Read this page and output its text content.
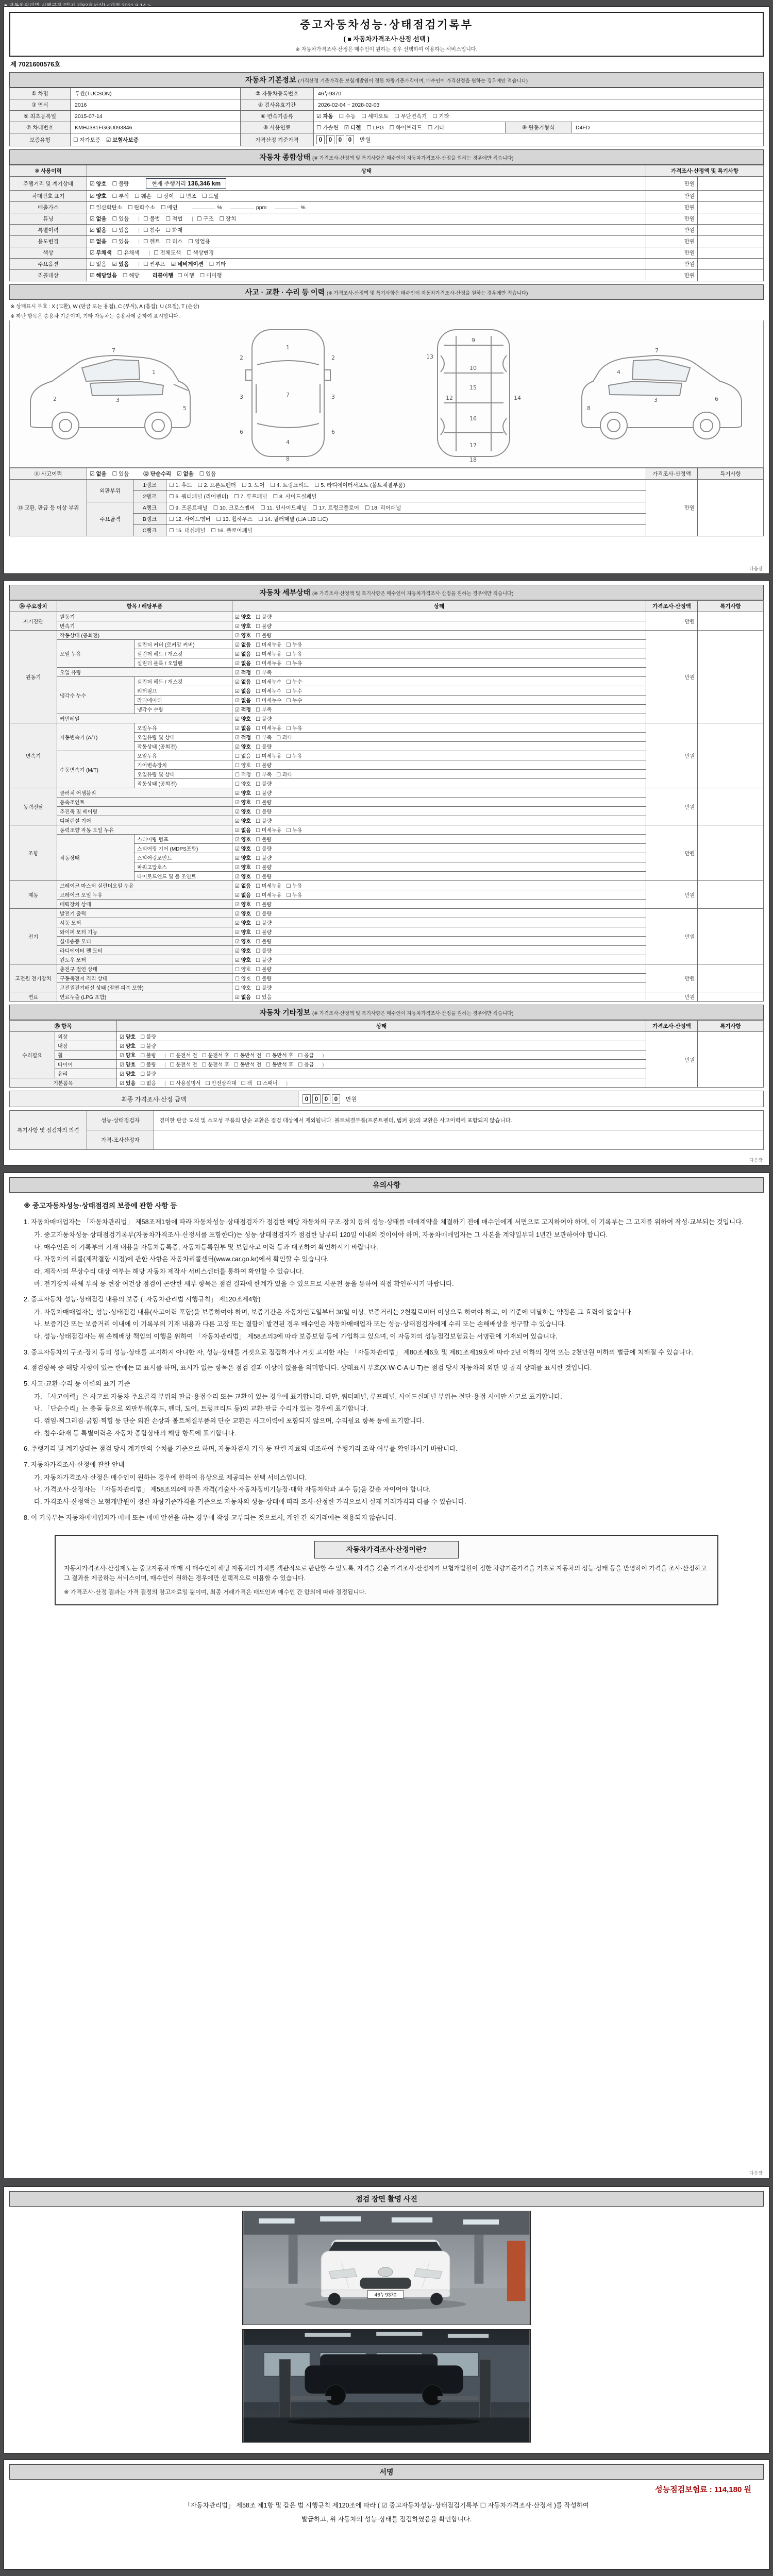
중고자동차성능·상태점검기록부
( ■ 자동차가격조사·산정 선택 )
※ 자동차가격조사·산정은 매수인이 원하는 경우 선택하여 이용하는 서비스입니다.
제 7021600576호
자동차 기본정보 (가격산정 기준가격은 보험개발원이 정한 차량기준가격이며, 매수인이 가격산정을 원하는 경우에만 적습니다)
① 차명	투싼(TUCSON)	② 자동차등록번호	46누9370		
③ 연식	2016	④ 검사유효기간	2026-02-04 ~ 2028-02-03		
⑤ 최초등록일	2015-07-14	⑥ 변속기종류	☑ 자동 ☐ 수동 ☐ 세미오토 ☐ 무단변속기 ☐ 기타		
⑦ 차대번호	KMHJ381FGGU093846	⑧ 사용연료	☐ 가솔린 ☑ 디젤 ☐ LPG ☐ 하이브리드 ☐ 기타	⑨ 원동기형식	D4FD
보증유형	☐ 자가보증 ☑ 보험사보증	가격산정 기준가격	0 0 0 0 만원		
자동차 종합상태 (※ 가격조사·산정액 및 특기사항은 매수인이 자동차가격조사·산정을 원하는 경우에만 적습니다)
⑩ 사용이력	상태	가격조사·산정액 및 특기사항	
주행거리 및 계기상태	☑ 양호 ☐ 불량 현재 주행거리 136,346 km	만원	

차대번호 표기	☑ 양호 ☐ 부식 ☐ 훼손 ☐ 상이 ☐ 변조 ☐ 도말	만원	

배출가스	☐ 일산화탄소 ☐ 탄화수소 ☐ 매연 % ppm %	만원	

튜닝	☑ 없음 ☐ 있음 | ☐ 불법 ☐ 적법 | ☐ 구조 ☐ 장치	만원	

특별이력	☑ 없음 ☐ 있음 | ☐ 침수 ☐ 화재	만원	

용도변경	☑ 없음 ☐ 있음 | ☐ 렌트 ☐ 리스 ☐ 영업용	만원	

색상	☑ 무채색 ☐ 유채색 | ☐ 전체도색 ☐ 색상변경	만원	

주요옵션	☐ 없음 ☑ 있음 | ☐ 썬루프 ☑ 네비게이션 ☐ 기타	만원	

리콜대상	☑ 해당없음 ☐ 해당 리콜이행 ☐ 이행 ☐ 미이행	만원	

사고 · 교환 · 수리 등 이력 (※ 가격조사·산정액 및 특기사항은 매수인이 자동차가격조사·산정을 원하는 경우에만 적습니다)
※ 상태표시 부호 : X (교환), W (판금 또는 용접), C (부식), A (흠집), U (요철), T (손상)
※ 하단 항목은 승용차 기준이며, 기타 자동차는 승용차에 준하여 표시합니다.
1
2	3
7
5
1
7
4
2	2
3	3
6	6
8
9
10
12
13
15
16
17
18
14
4
6
7
3
8
⑪ 사고이력	☑ 없음 ☐ 있음 ⑫ 단순수리 ☑ 없음 ☐ 있음			가격조사·산정액	특기사항
⑬ 교환, 판금 등 이상 부위	외판부위	1랭크	☐ 1. 후드 ☐ 2. 프론트펜더 ☐ 3. 도어 ☐ 4. 트렁크리드 ☐ 5. 라디에이터서포트 (볼트체결부품)	만원	

		2랭크	☐ 6. 쿼터패널 (리어펜더) ☐ 7. 루프패널 ☐ 8. 사이드실패널		
	주요골격	A랭크	☐ 9. 프론트패널 ☐ 10. 크로스멤버 ☐ 11. 인사이드패널 ☐ 17. 트렁크플로어 ☐ 18. 리어패널		
		B랭크	☐ 12. 사이드멤버 ☐ 13. 휠하우스 ☐ 14. 필러패널 (☐A ☐B ☐C)		
		C랭크	☐ 15. 대쉬패널 ☐ 16. 플로어패널		
다음장
자동차 세부상태 (※ 가격조사·산정액 및 특기사항은 매수인이 자동차가격조사·산정을 원하는 경우에만 적습니다)
⑭ 주요장치	항목 / 해당부품		상태	가격조사·산정액	특기사항
자기진단	원동기		☑ 양호 ☐ 불량	만원	

	변속기		☑ 양호 ☐ 불량		
원동기	작동상태 (공회전)		☑ 양호 ☐ 불량	만원	

	오일 누유	실린더 커버 (로커암 커버)	☑ 없음 ☐ 미세누유 ☐ 누유		
		실린더 헤드 / 개스킷	☑ 없음 ☐ 미세누유 ☐ 누유		
		실린더 블록 / 오일팬	☑ 없음 ☐ 미세누유 ☐ 누유		
	오일 유량		☑ 적정 ☐ 부족		
	냉각수 누수	실린더 헤드 / 개스킷	☑ 없음 ☐ 미세누수 ☐ 누수		
		워터펌프	☑ 없음 ☐ 미세누수 ☐ 누수		
		라디에이터	☑ 없음 ☐ 미세누수 ☐ 누수		
		냉각수 수량	☑ 적정 ☐ 부족		
	커먼레일		☑ 양호 ☐ 불량		
변속기	자동변속기 (A/T)	오일누유	☑ 없음 ☐ 미세누유 ☐ 누유	만원	

		오일유량 및 상태	☑ 적정 ☐ 부족 ☐ 과다		
		작동상태 (공회전)	☑ 양호 ☐ 불량		
	수동변속기 (M/T)	오일누유	☐ 없음 ☐ 미세누유 ☐ 누유		
		기어변속장치	☐ 양호 ☐ 불량		
		오일유량 및 상태	☐ 적정 ☐ 부족 ☐ 과다		
		작동상태 (공회전)	☐ 양호 ☐ 불량		
동력전달	클러치 어셈블리		☑ 양호 ☐ 불량	만원	

	등속조인트		☑ 양호 ☐ 불량		
	추진축 및 베어링		☑ 양호 ☐ 불량		
	디퍼렌셜 기어		☑ 양호 ☐ 불량		
조향	동력조향 작동 오일 누유		☑ 없음 ☐ 미세누유 ☐ 누유	만원	

	작동상태	스티어링 펌프	☑ 양호 ☐ 불량		
		스티어링 기어 (MDPS포함)	☑ 양호 ☐ 불량		
		스티어링조인트	☑ 양호 ☐ 불량		
		파워고압호스	☑ 양호 ☐ 불량		
		타이로드엔드 및 볼 조인트	☑ 양호 ☐ 불량		
제동	브레이크 마스터 실린더오일 누유		☑ 없음 ☐ 미세누유 ☐ 누유	만원	

	브레이크 오일 누유		☑ 없음 ☐ 미세누유 ☐ 누유		
	배력장치 상태		☑ 양호 ☐ 불량		
전기	발전기 출력		☑ 양호 ☐ 불량	만원	

	시동 모터		☑ 양호 ☐ 불량		
	와이퍼 모터 기능		☑ 양호 ☐ 불량		
	실내송풍 모터		☑ 양호 ☐ 불량		
	라디에이터 팬 모터		☑ 양호 ☐ 불량		
	윈도우 모터		☑ 양호 ☐ 불량		
고전원 전기장치	충전구 절연 상태		☐ 양호 ☐ 불량	만원	

	구동축전지 격리 상태		☐ 양호 ☐ 불량		
	고전원전기배선 상태 (절연 피복 포함)		☐ 양호 ☐ 불량		
연료	연료누출 (LPG 포함)		☑ 없음 ☐ 있음	만원	

자동차 기타정보 (※ 가격조사·산정액 및 특기사항은 매수인이 자동차가격조사·산정을 원하는 경우에만 적습니다)
⑮ 항목		상태	가격조사·산정액	특기사항
수리필요	외장	☑ 양호 ☐ 불량	만원	

	내장	☑ 양호 ☐ 불량		
	휠	☑ 양호 ☐ 불량 ( ☐ 운전석 전 ☐ 운전석 후 ☐ 동반석 전 ☐ 동반석 후 ☐ 응급 )		
	타이어	☑ 양호 ☐ 불량 ( ☐ 운전석 전 ☐ 운전석 후 ☐ 동반석 전 ☐ 동반석 후 ☐ 응급 )		
	유리	☑ 양호 ☐ 불량		
기본품목		☑ 있음 ☐ 없음 ( ☐ 사용설명서 ☐ 안전삼각대 ☐ 잭 ☐ 스패너 )		
최종 가격조사·산정 금액	0 0 0 0 만원
특기사항 및 점검자의 의견	성능·상태점검자	경미한 판금·도색 및 소모성 부품의 단순 교환은 점검 대상에서 제외됩니다. 볼트체결부품(프론트펜더, 범퍼 등)의 교환은 사고이력에 포함되지 않습니다.
	가격·조사산정자	
다음장
유의사항
※ 중고자동차성능·상태점검의 보증에 관한 사항 등
1. 자동차매매업자는 「자동차관리법」 제58조제1항에 따라 자동차성능·상태점검자가 점검한 해당 자동차의 구조·장치 등의 성능·상태를 매매계약을 체결하기 전에 매수인에게 서면으로 고지하여야 하며, 이 기록부는 그 고지를 위하여 작성·교부되는 것입니다.
가. 중고자동차성능·상태점검기록부(자동차가격조사·산정서를 포함한다)는 성능·상태점검자가 점검한 날부터 120일 이내의 것이어야 하며, 자동차매매업자는 그 사본을 계약일부터 1년간 보관하여야 합니다.
나. 매수인은 이 기록부의 기재 내용을 자동차등록증, 자동차등록원부 및 보험사고 이력 등과 대조하여 확인하시기 바랍니다.
다. 자동차의 리콜(제작결함 시정)에 관한 사항은 자동차리콜센터(www.car.go.kr)에서 확인할 수 있습니다.
라. 제작사의 무상수리 대상 여부는 해당 자동차 제작사 서비스센터를 통하여 확인할 수 있습니다.
마. 전기장치·하체 부식 등 현장 여건상 점검이 곤란한 세부 항목은 점검 결과에 한계가 있을 수 있으므로 시운전 등을 통하여 직접 확인하시기 바랍니다.
2. 중고자동차 성능·상태점검 내용의 보증 (「자동차관리법 시행규칙」 제120조제4항)
가. 자동차매매업자는 성능·상태점검 내용(사고이력 포함)을 보증하여야 하며, 보증기간은 자동차인도일부터 30일 이상, 보증거리는 2천킬로미터 이상으로 하여야 하고, 이 기준에 미달하는 약정은 그 효력이 없습니다.
나. 보증기간 또는 보증거리 이내에 이 기록부의 기재 내용과 다른 고장 또는 결함이 발견된 경우 매수인은 자동차매매업자 또는 성능·상태점검자에게 수리 또는 손해배상을 청구할 수 있습니다.
다. 성능·상태점검자는 위 손해배상 책임의 이행을 위하여 「자동차관리법」 제58조의3에 따라 보증보험 등에 가입하고 있으며, 이 자동차의 성능점검보험료는 서명란에 기재되어 있습니다.
3. 중고자동차의 구조·장치 등의 성능·상태를 고지하지 아니한 자, 성능·상태를 거짓으로 점검하거나 거짓 고지한 자는 「자동차관리법」 제80조제6호 및 제81조제19호에 따라 2년 이하의 징역 또는 2천만원 이하의 벌금에 처해질 수 있습니다.
4. 점검항목 중 해당 사항이 있는 란에는 ☑ 표시를 하며, 표시가 없는 항목은 점검 결과 이상이 없음을 의미합니다. 상태표시 부호(X·W·C·A·U·T)는 점검 당시 자동차의 외판 및 골격 상태를 표시한 것입니다.
5. 사고·교환·수리 등 이력의 표기 기준
가. 「사고이력」은 사고로 자동차 주요골격 부위의 판금·용접수리 또는 교환이 있는 경우에 표기합니다. 다만, 쿼터패널, 루프패널, 사이드실패널 부위는 절단·용접 시에만 사고로 표기합니다.
나. 「단순수리」는 충돌 등으로 외판부위(후드, 펜더, 도어, 트렁크리드 등)의 교환·판금 수리가 있는 경우에 표기합니다.
다. 꺾임·찌그러짐·긁힘·찍힘 등 단순 외관 손상과 볼트체결부품의 단순 교환은 사고이력에 포함되지 않으며, 수리필요 항목 등에 표기합니다.
라. 침수·화재 등 특별이력은 자동차 종합상태의 해당 항목에 표기합니다.
6. 주행거리 및 계기상태는 점검 당시 계기판의 수치를 기준으로 하며, 자동차검사 기록 등 관련 자료와 대조하여 주행거리 조작 여부를 확인하시기 바랍니다.
7. 자동차가격조사·산정에 관한 안내
가. 자동차가격조사·산정은 매수인이 원하는 경우에 한하여 유상으로 제공되는 선택 서비스입니다.
나. 가격조사·산정자는 「자동차관리법」 제58조의4에 따른 자격(기술사·자동차정비기능장·대학 자동차학과 교수 등)을 갖춘 자이어야 합니다.
다. 가격조사·산정액은 보험개발원이 정한 차량기준가격을 기준으로 자동차의 성능·상태에 따라 조사·산정한 가격으로서 실제 거래가격과 다를 수 있습니다.
8. 이 기록부는 자동차매매업자가 매매 또는 매매 알선을 하는 경우에 작성·교부되는 것으로서, 개인 간 직거래에는 적용되지 않습니다.
자동차가격조사·산정이란?
자동차가격조사·산정제도는 중고자동차 매매 시 매수인이 해당 자동차의 가치를 객관적으로 판단할 수 있도록, 자격을 갖춘 가격조사·산정자가 보험개발원이 정한 차량기준가격을 기초로 자동차의 성능·상태 등을 반영하여 가격을 조사·산정하고 그 결과를 제공하는 서비스이며, 매수인이 원하는 경우에만 선택적으로 이용할 수 있습니다.
※ 가격조사·산정 결과는 가격 결정의 참고자료일 뿐이며, 최종 거래가격은 매도인과 매수인 간 합의에 따라 결정됩니다.
다음장
점검 장면 촬영 사진
46누9370
서명
성능점검보험료 : 114,180 원
「자동차관리법」 제58조 제1항 및 같은 법 시행규칙 제120조에 따라 ( ☑ 중고자동차성능·상태점검기록부 ☐ 자동차가격조사·산정서 )를 작성하여
발급하고, 위 자동차의 성능·상태를 점검하였음을 확인합니다.
